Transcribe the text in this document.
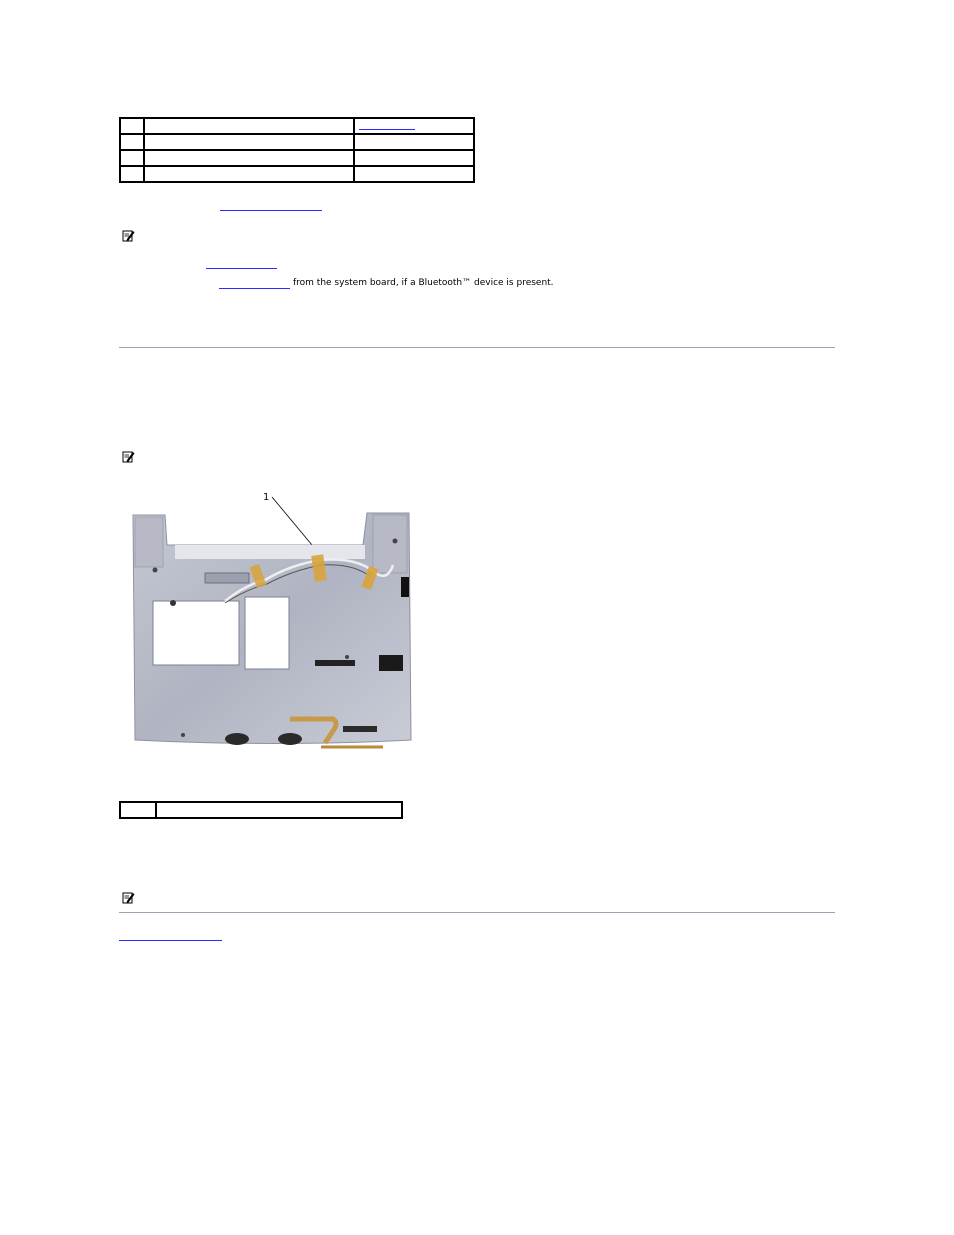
from the system board, if a Bluetooth™ device is present.
1
